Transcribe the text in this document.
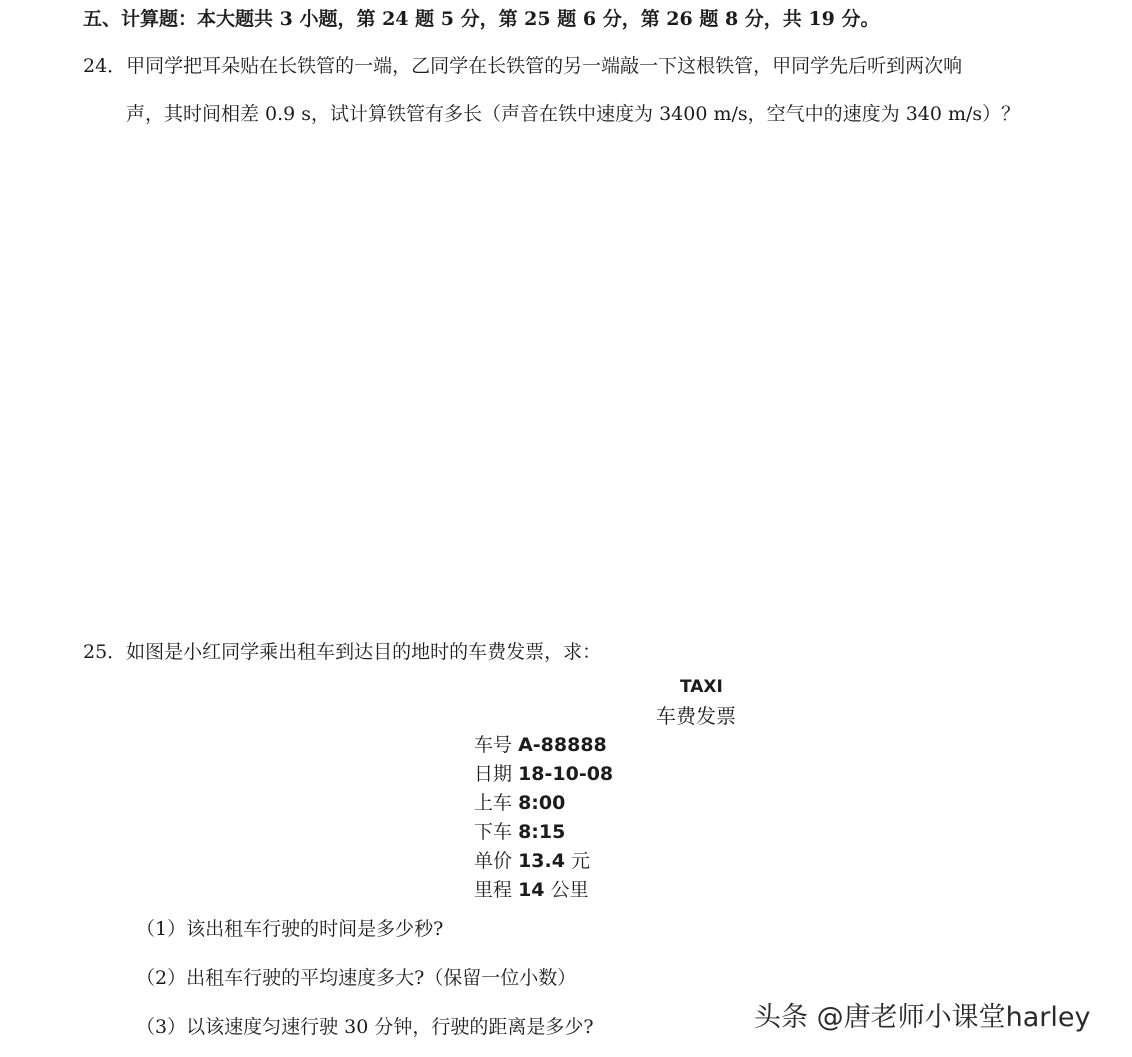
五、计算题：本大题共 3 小题，第 24 题 5 分，第 25 题 6 分，第 26 题 8 分，共 19 分。
24．甲同学把耳朵贴在长铁管的一端，乙同学在长铁管的另一端敲一下这根铁管，甲同学先后听到两次响
声，其时间相差 0.9 s，试计算铁管有多长（声音在铁中速度为 3400 m/s，空气中的速度为 340 m/s）？
25．如图是小红同学乘出租车到达目的地时的车费发票，求：
TAXI
车费发票
车号 A-88888
日期 18-10-08
上车 8:00
下车 8:15
单价 13.4 元
里程 14 公里
（1）该出租车行驶的时间是多少秒?
（2）出租车行驶的平均速度多大?（保留一位小数）
（3）以该速度匀速行驶 30 分钟，行驶的距离是多少?	头条 @唐老师小课堂harley
